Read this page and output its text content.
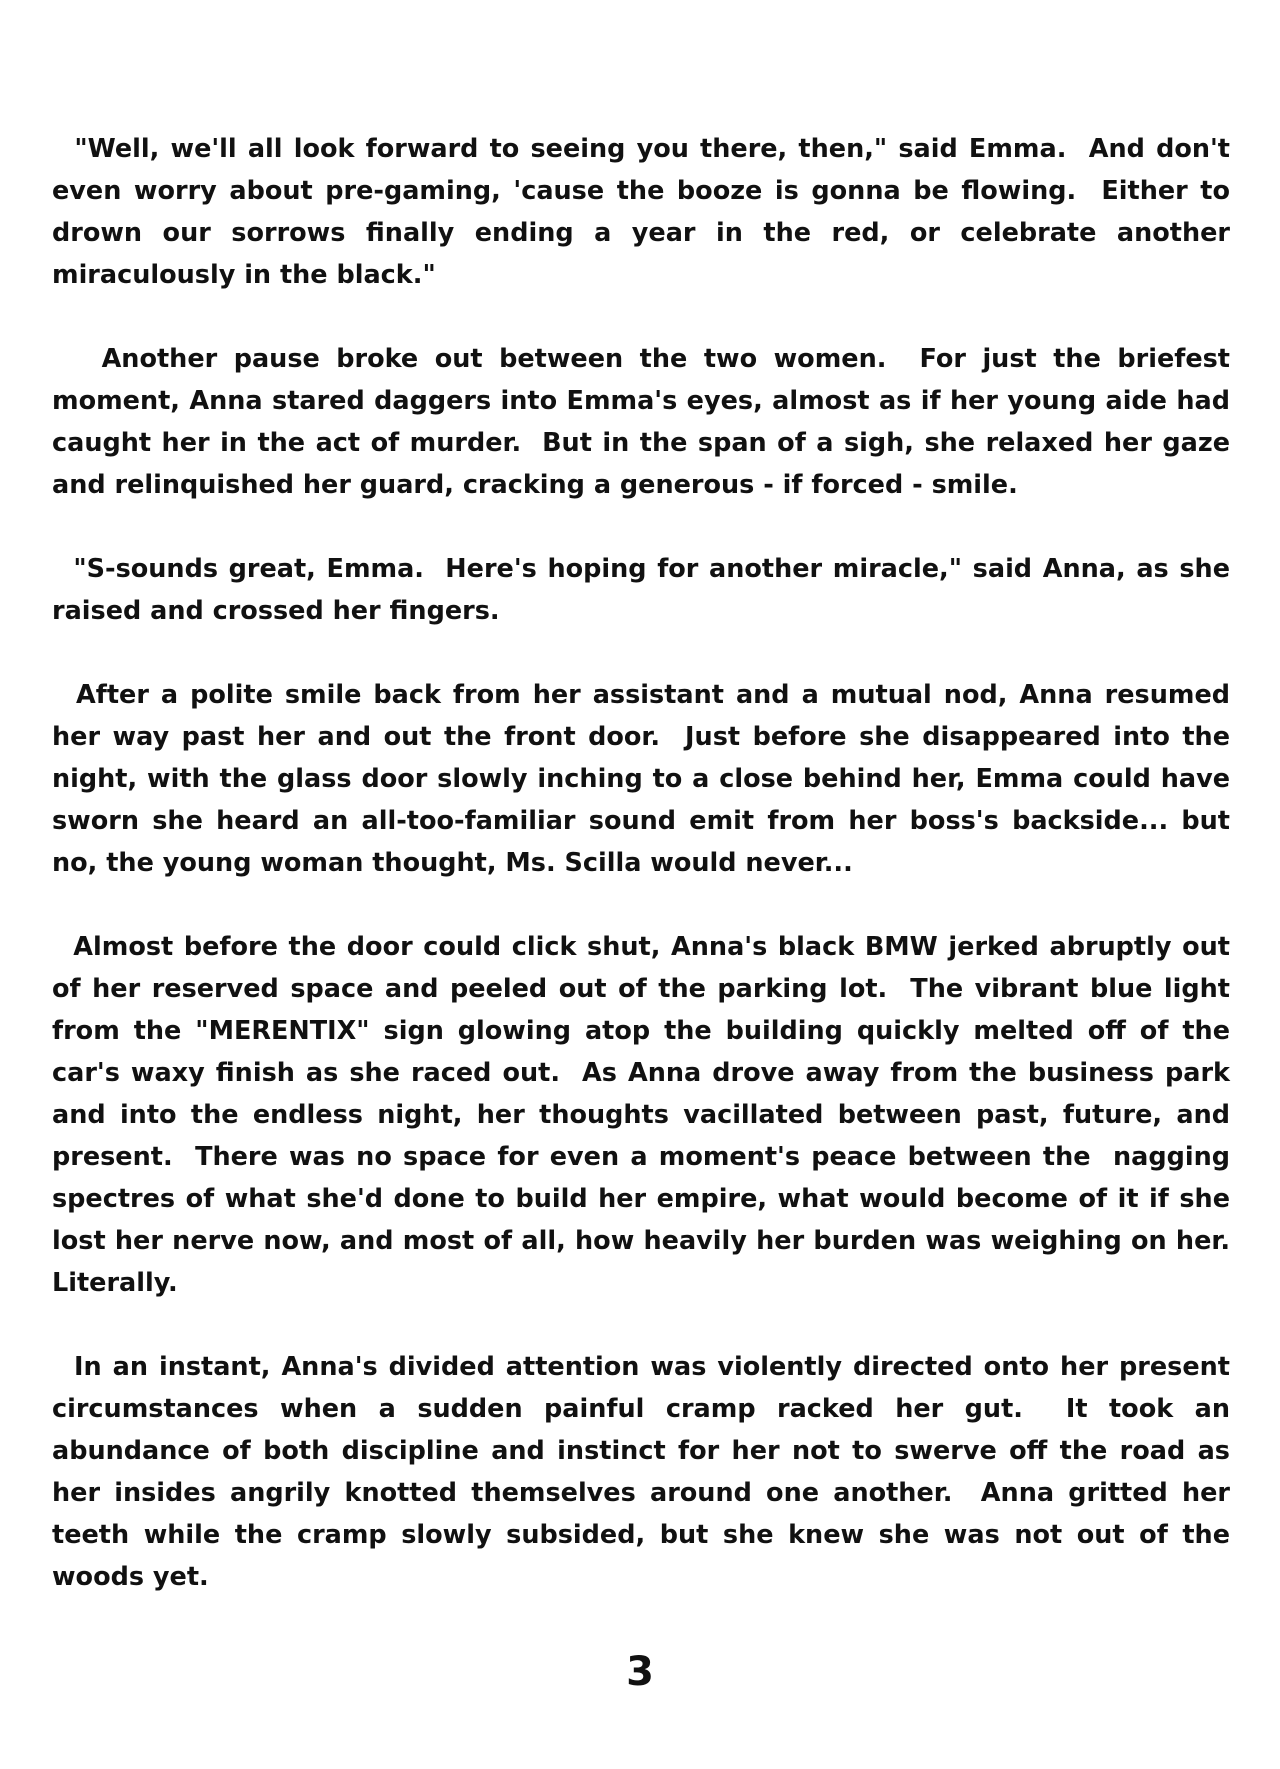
"Well, we'll all look forward to seeing you there, then," said Emma.  And don't even worry about pre-gaming, 'cause the booze is gonna be flowing.  Either to drown our sorrows finally ending a year in the red, or celebrate another miraculously in the black."

Another pause broke out between the two women.  For just the briefest moment, Anna stared daggers into Emma's eyes, almost as if her young aide had caught her in the act of murder.  But in the span of a sigh, she relaxed her gaze and relinquished her guard, cracking a generous - if forced - smile.

"S-sounds great, Emma.  Here's hoping for another miracle," said Anna, as she raised and crossed her fingers.

After a polite smile back from her assistant and a mutual nod, Anna resumed her way past her and out the front door.  Just before she disappeared into the night, with the glass door slowly inching to a close behind her, Emma could have sworn she heard an all-too-familiar sound emit from her boss's backside... but no, the young woman thought, Ms. Scilla would never...

Almost before the door could click shut, Anna's black BMW jerked abruptly out of her reserved space and peeled out of the parking lot.  The vibrant blue light from the "MERENTIX" sign glowing atop the building quickly melted off of the car's waxy finish as she raced out.  As Anna drove away from the business park and into the endless night, her thoughts vacillated between past, future, and present.  There was no space for even a moment's peace between the  nagging spectres of what she'd done to build her empire, what would become of it if she lost her nerve now, and most of all, how heavily her burden was weighing on her.  Literally.

In an instant, Anna's divided attention was violently directed onto her present circumstances when a sudden painful cramp racked her gut.  It took an abundance of both discipline and instinct for her not to swerve off the road as her insides angrily knotted themselves around one another.  Anna gritted her teeth while the cramp slowly subsided, but she knew she was not out of the woods yet.

3
